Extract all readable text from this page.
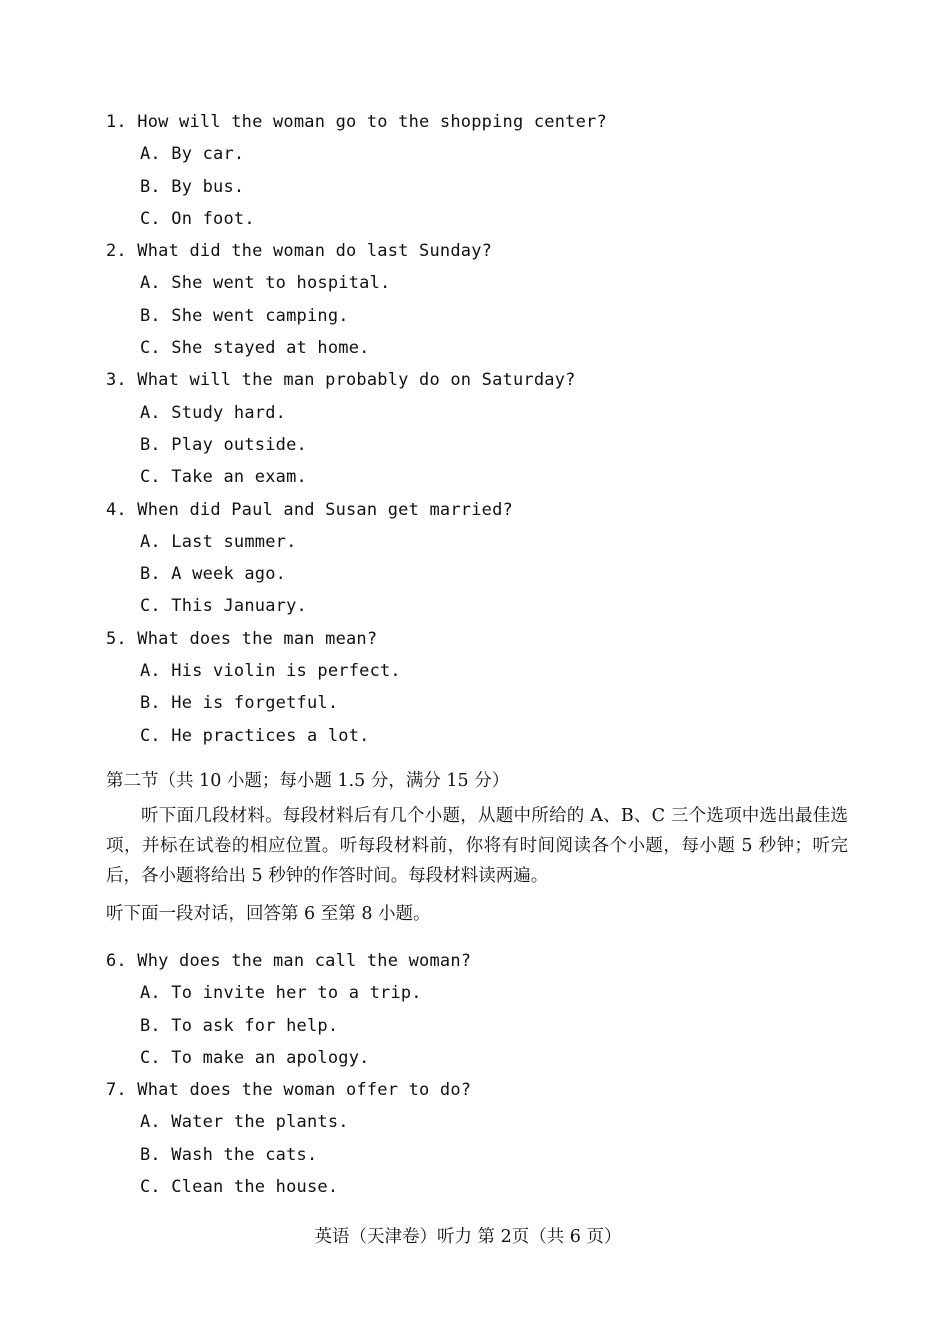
1. How will the woman go to the shopping center?
A. By car.
B. By bus.
C. On foot.
2. What did the woman do last Sunday?
A. She went to hospital.
B. She went camping.
C. She stayed at home.
3. What will the man probably do on Saturday?
A. Study hard.
B. Play outside.
C. Take an exam.
4. When did Paul and Susan get married?
A. Last summer.
B. A week ago.
C. This January.
5. What does the man mean?
A. His violin is perfect.
B. He is forgetful.
C. He practices a lot.
第二节（共 10 小题；每小题 1.5 分，满分 15 分）
听下面几段材料。每段材料后有几个小题，从题中所给的 A、B、C 三个选项中选出最佳选项，并标在试卷的相应位置。听每段材料前，你将有时间阅读各个小题，每小题 5 秒钟；听完后，各小题将给出 5 秒钟的作答时间。每段材料读两遍。
听下面一段对话，回答第 6 至第 8 小题。
6. Why does the man call the woman?
A. To invite her to a trip.
B. To ask for help.
C. To make an apology.
7. What does the woman offer to do?
A. Water the plants.
B. Wash the cats.
C. Clean the house.
英语（天津卷）听力 第 2页（共 6 页）
